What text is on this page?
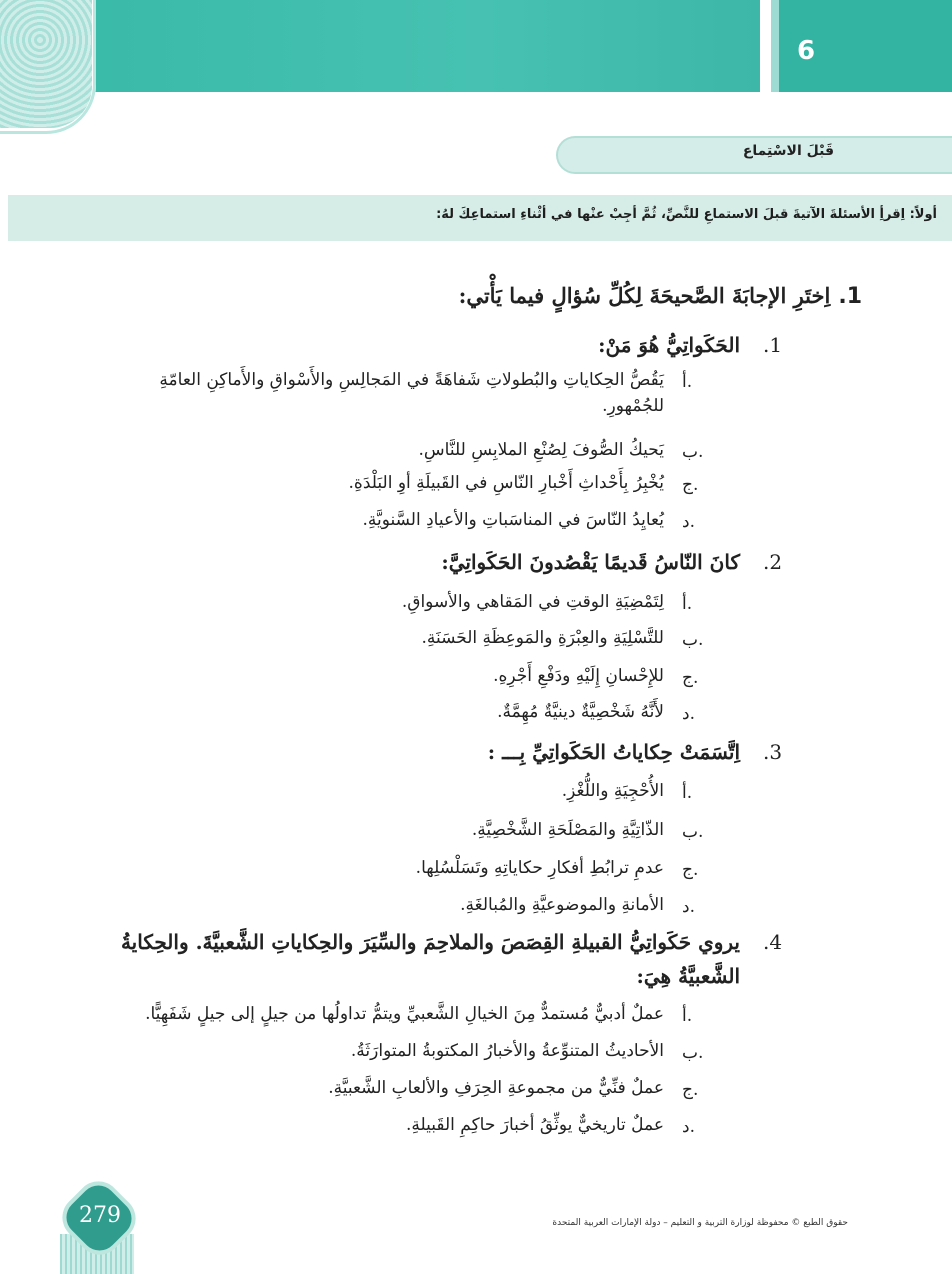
6
قَبْلَ الاسْتِماع
أولاً: اِقرأِ الأسئلةَ الآتيةَ قبلَ الاستماعِ للنَّصِّ، ثُمَّ أجِبْ عنْها في أثْناءِ استماعِكَ لهُ:
1.اِختَرِ الإجابَةَ الصَّحيحَةَ لِكُلِّ سُؤالٍ فيما يَأْتي:
.1
الحَكَواتِيُّ هُوَ مَنْ:
أ.
يَقُصُّ الحِكاياتِ والبُطولاتِ شَفاهَةً في المَجالِسِ والأَسْواقِ والأَماكِنِ العامّةِ
للجُمْهورِ.
ب.
يَحيكُ الصُّوفَ لِصُنْعِ الملابِسِ للنَّاسِ.
ج.
يُخْبِرُ بِأَحْداثِ أَخْبارِ النّاسِ في القَبيلَةِ أوِ البَلْدَةِ.
د.
يُعايِدُ النّاسَ في المناسَباتِ والأعيادِ السَّنويَّةِ.
.2
كانَ النّاسُ قَديمًا يَقْصُدونَ الحَكَواتِيَّ:
أ.
لِتَمْضِيَةِ الوقتِ في المَقاهي والأسواقِ.
ب.
للتَّسْلِيَةِ والعِبْرَةِ والمَوعِظَةِ الحَسَنَةِ.
ج.
للإِحْسانِ إِلَيْهِ ودَفْعِ أَجْرِهِ.
د.
لأَنَّهُ شَخْصِيَّةٌ دينيَّةٌ مُهِمَّةٌ.
.3
اِتَّسَمَتْ حِكاياتُ الحَكَواتِيِّ بِـــ :
أ.
الأُحْجِيَةِ واللُّغْزِ.
ب.
الذّاتِيَّةِ والمَصْلَحَةِ الشَّخْصِيَّةِ.
ج.
عدمِ ترابُطِ أفكارِ حكاياتِهِ وتَسَلْسُلِها.
د.
الأمانةِ والموضوعيَّةِ والمُبالغَةِ.
.4
يروي حَكَواتِيُّ القبيلةِ القِصَصَ والملاحِمَ والسِّيَرَ والحِكاياتِ الشَّعبيَّةَ. والحِكايةُ
الشَّعبيَّةُ هِيَ:
أ.
عملٌ أدبيٌّ مُستمدٌّ مِنَ الخيالِ الشَّعبيِّ ويتمُّ تداولُها من جيلٍ إلى جيلٍ شَفَهِيًّا.
ب.
الأحاديثُ المتنوِّعةُ والأخبارُ المكتوبةُ المتوارَثَةُ.
ج.
عملٌ فنِّيٌّ من مجموعةِ الحِرَفِ والألعابِ الشَّعبيَّةِ.
د.
عملٌ تاريخيٌّ يوثِّقُ أخبارَ حاكِمِ القَبيلةِ.
279	حقوق الطبع © محفوظة لوزارة التربية و التعليم – دولة الإمارات العربية المتحدة
